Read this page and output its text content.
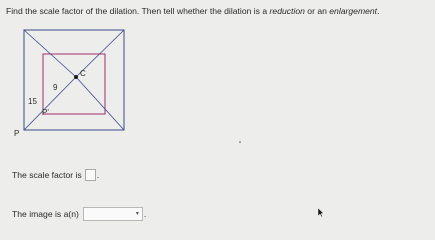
Find the scale factor of the dilation. Then tell whether the dilation is a reduction or an enlargement.
C
9
15
P'
P
The scale factor is .
The image is a(n)	▾ .
